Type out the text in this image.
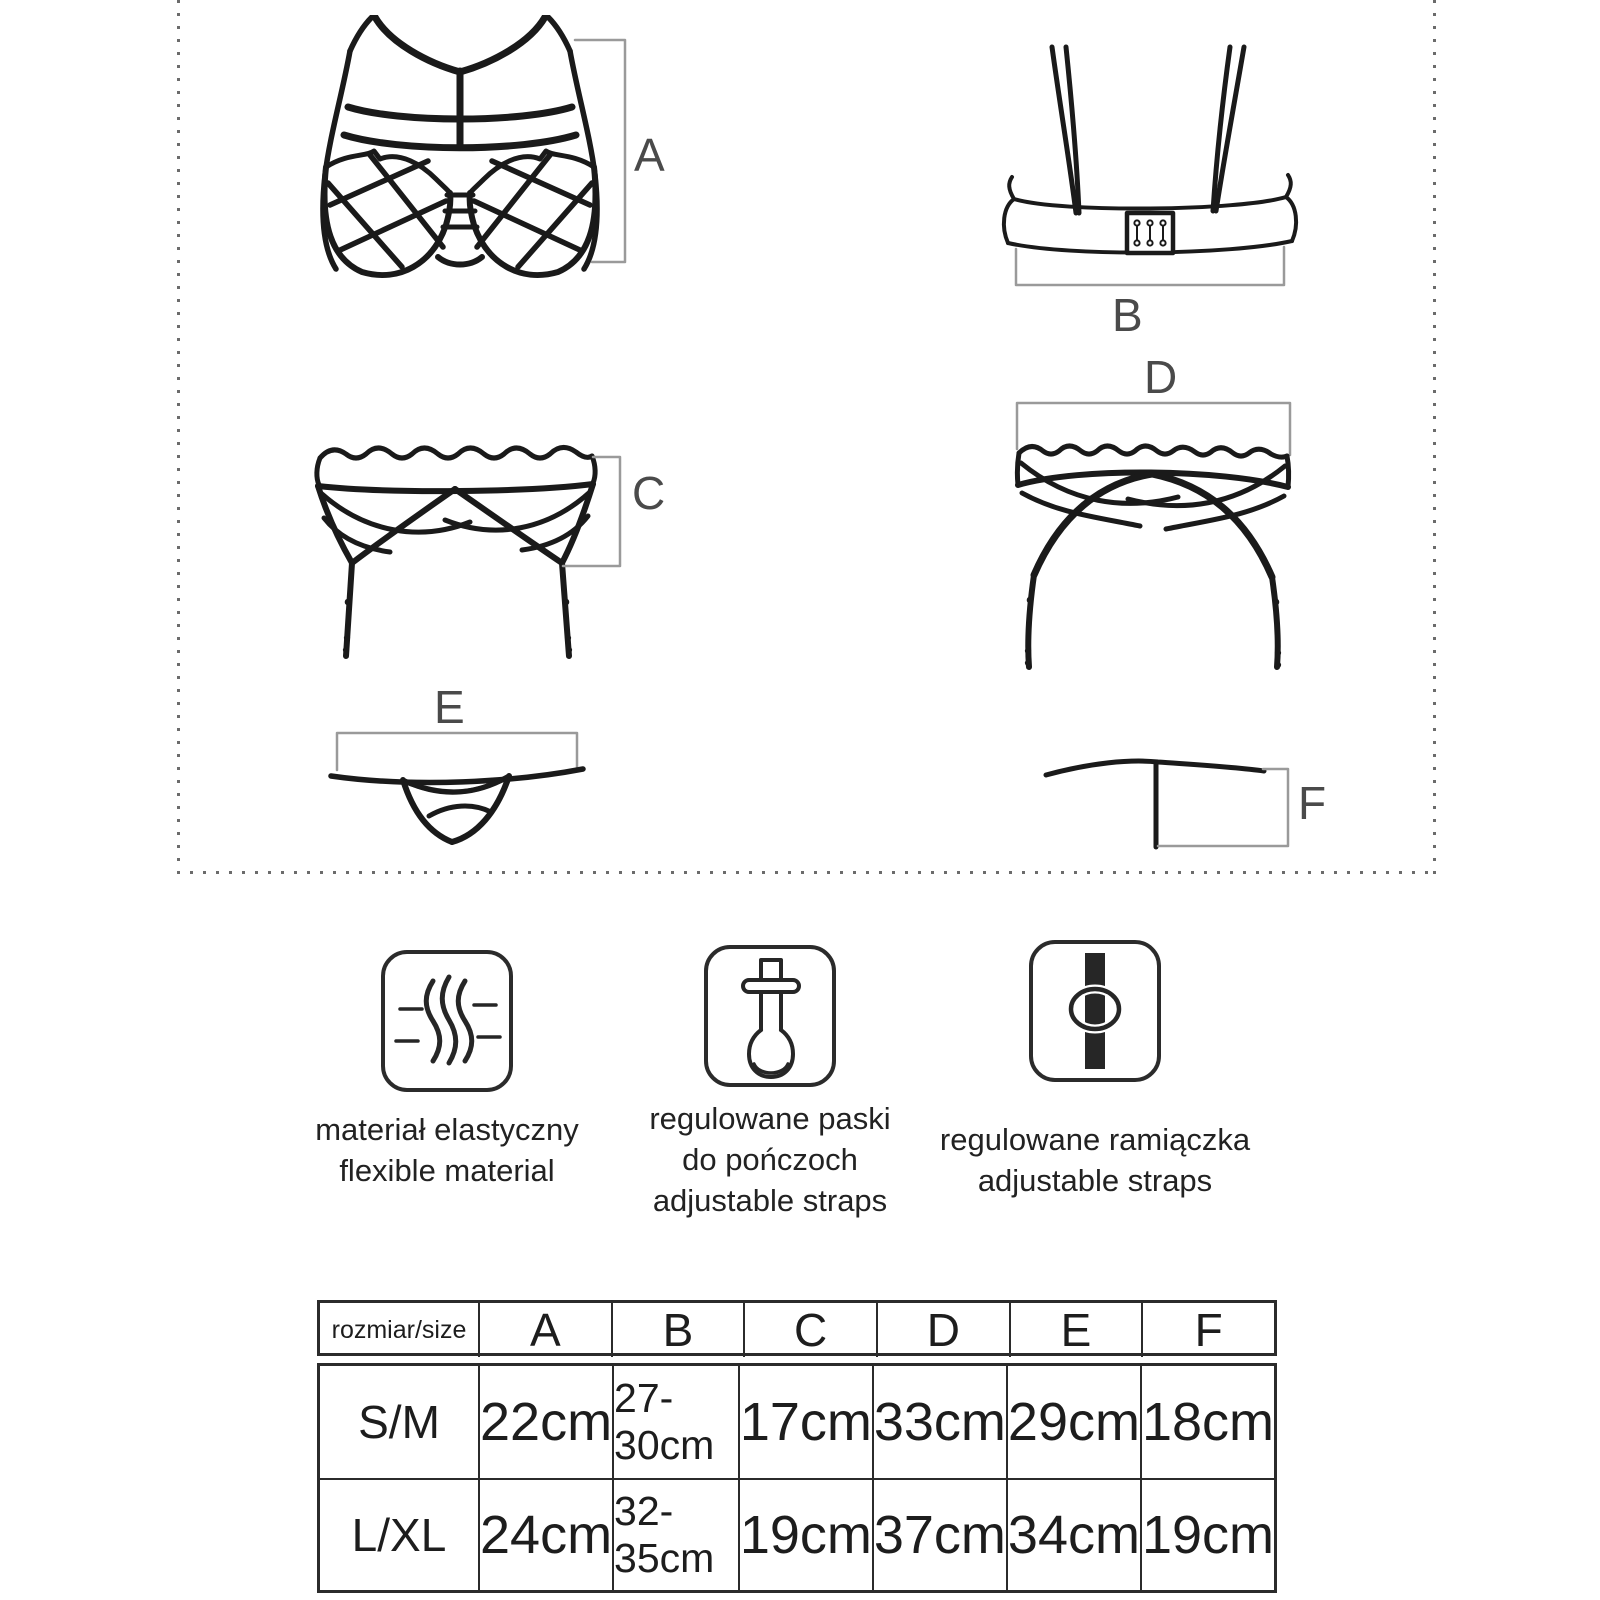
A
B
C
D
E
F
materiał elastyczny
flexible material
regulowane paski
do pończoch
adjustable straps
regulowane ramiączka
adjustable straps
rozmiar/size	A	B	C	D	E	F
S/M 22cm 27-30cm 17cm 33cm 29cm 18cm
L/XL 24cm 32-35cm 19cm 37cm 34cm 19cm
